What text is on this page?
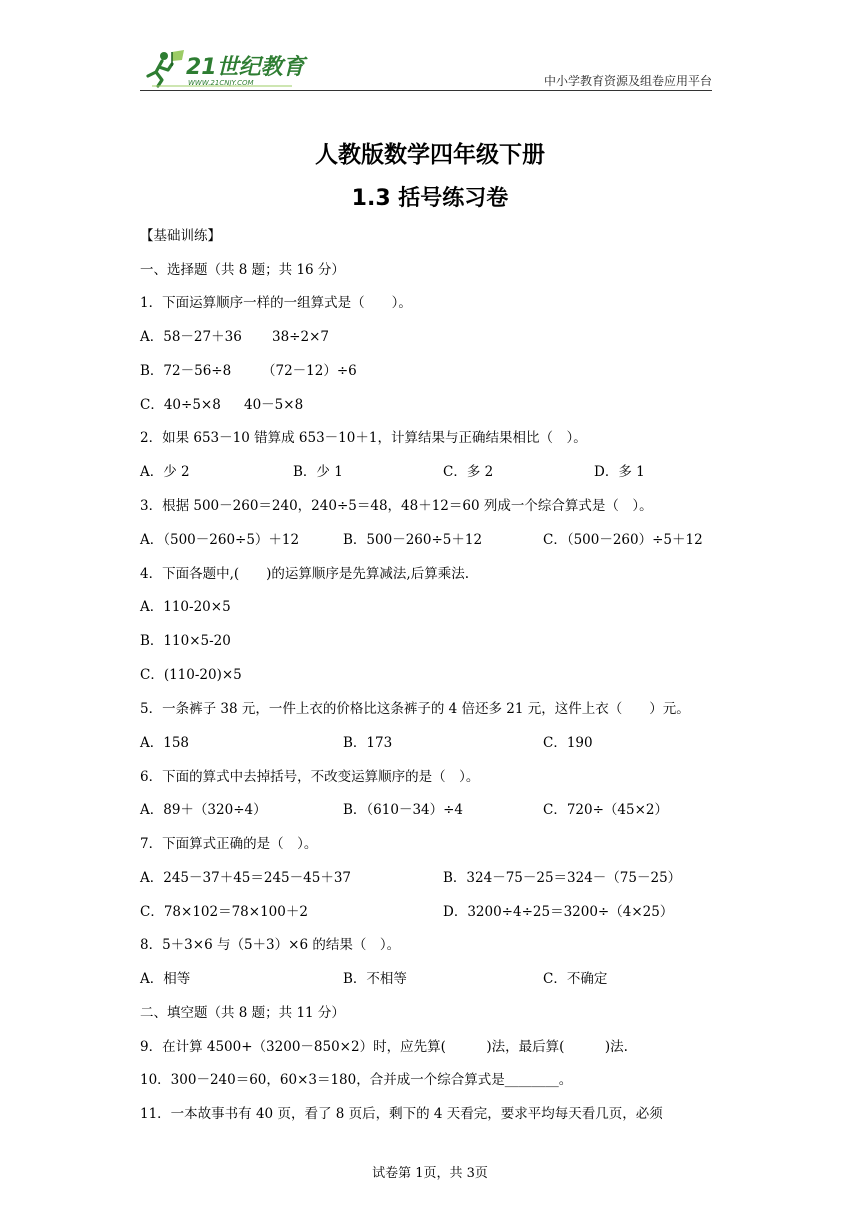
21世纪教育
WWW.21CNJY.COM	中小学教育资源及组卷应用平台
人教版数学四年级下册
1.3 括号练习卷
【基础训练】
一、选择题（共 8 题；共 16 分）
1．下面运算顺序一样的一组算式是（　　）。
A．58－27＋36 38÷2×7
B．72－56÷8 （72－12）÷6
C．40÷5×8 40－5×8
2．如果 653－10 错算成 653－10＋1，计算结果与正确结果相比（　）。
A．少 2	B．少 1	C．多 2	D．多 1
3．根据 500－260＝240，240÷5＝48，48＋12＝60 列成一个综合算式是（　）。
A．（500－260÷5）＋12	B．500－260÷5＋12	C．（500－260）÷5＋12
4．下面各题中,(　　)的运算顺序是先算减法,后算乘法.
A．110-20×5
B．110×5-20
C．(110-20)×5
5．一条裤子 38 元，一件上衣的价格比这条裤子的 4 倍还多 21 元，这件上衣（　　）元。
A．158	B．173	C．190
6．下面的算式中去掉括号，不改变运算顺序的是（　）。
A．89＋（320÷4）	B．（610－34）÷4	C．720÷（45×2）
7．下面算式正确的是（　）。
A．245－37＋45＝245－45＋37	B．324－75－25＝324－（75－25）
C．78×102＝78×100＋2	D．3200÷4÷25＝3200÷（4×25）
8．5＋3×6 与（5＋3）×6 的结果（　）。
A．相等	B．不相等	C．不确定
二、填空题（共 8 题；共 11 分）
9．在计算 4500+（3200－850×2）时，应先算(　　　)法，最后算(　　　)法.
10．300－240＝60，60×3＝180，合并成一个综合算式是________。
11．一本故事书有 40 页，看了 8 页后，剩下的 4 天看完，要求平均每天看几页，必须
试卷第 1页，共 3页
